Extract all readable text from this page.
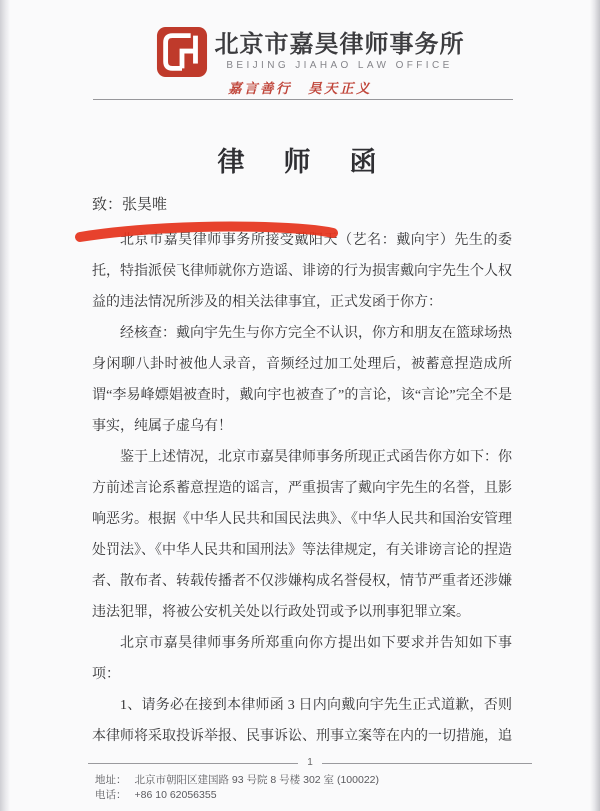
北京市嘉昊律师事务所
BEIJING JIAHAO LAW OFFICE
嘉言善行　昊天正义
律　师　函
致：张昊唯

北京市嘉昊律师事务所接受戴阳天（艺名：戴向宇）先生的委托，特指派侯飞律师就你方造谣、诽谤的行为损害戴向宇先生个人权益的违法情况所涉及的相关法律事宜，正式发函于你方：

经核查：戴向宇先生与你方完全不认识，你方和朋友在篮球场热身闲聊八卦时被他人录音，音频经过加工处理后，被蓄意捏造成所谓“李易峰嫖娼被查时，戴向宇也被查了”的言论，该“言论”完全不是事实，纯属子虚乌有！

鉴于上述情况，北京市嘉昊律师事务所现正式函告你方如下：你方前述言论系蓄意捏造的谣言，严重损害了戴向宇先生的名誉，且影响恶劣。根据《中华人民共和国民法典》、《中华人民共和国治安管理处罚法》、《中华人民共和国刑法》等法律规定，有关诽谤言论的捏造者、散布者、转载传播者不仅涉嫌构成名誉侵权，情节严重者还涉嫌违法犯罪，将被公安机关处以行政处罚或予以刑事犯罪立案。

北京市嘉昊律师事务所郑重向你方提出如下要求并告知如下事项：

1、请务必在接到本律师函 3 日内向戴向宇先生正式道歉，否则本律师将采取投诉举报、民事诉讼、刑事立案等在内的一切措施，追

1
地址： 北京市朝阳区建国路 93 号院 8 号楼 302 室 (100022)
电话： +86 10 62056355
